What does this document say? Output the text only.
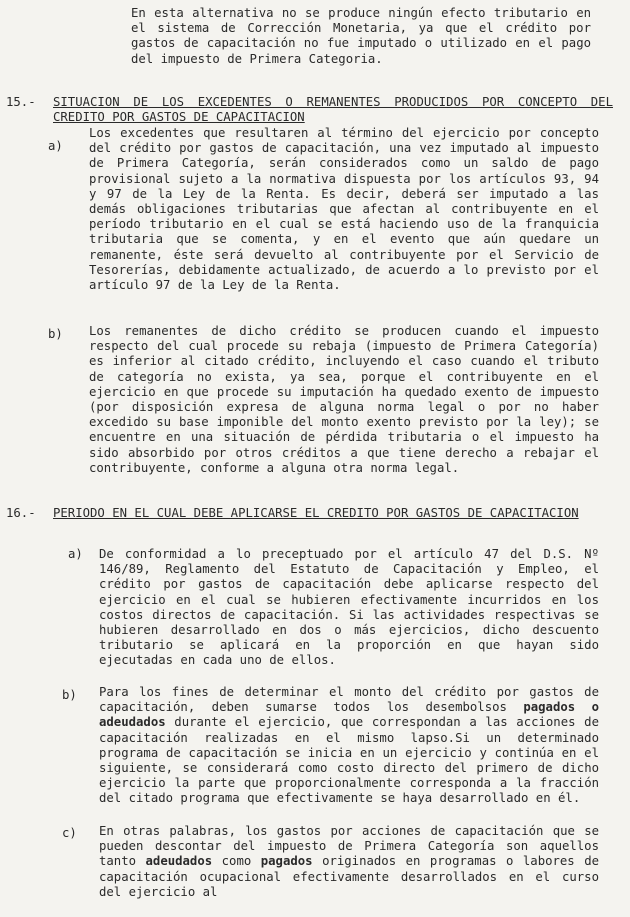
En esta alternativa no se produce ningún efecto tributario en el sistema de Corrección Monetaria, ya que el crédito por gastos de capacitación no fue imputado o utilizado en el pago del impuesto de Primera Categoria.
15.- SITUACION DE LOS EXCEDENTES O REMANENTES PRODUCIDOS POR CONCEPTO DEL CREDITO POR GASTOS DE CAPACITACION
a)
Los excedentes que resultaren al término del ejercicio por concepto del crédito por gastos de capacitación, una vez imputado al impuesto de Primera Categoría, serán considerados como un saldo de pago provisional sujeto a la normativa dispuesta por los artículos 93, 94 y 97 de la Ley de la Renta. Es decir, deberá ser imputado a las demás obligaciones tributarias que afectan al contribuyente en el período tributario en el cual se está haciendo uso de la franquicia tributaria que se comenta, y en el evento que aún quedare un remanente, éste será devuelto al contribuyente por el Servicio de Tesorerías, debidamente actualizado, de acuerdo a lo previsto por el artículo 97 de la Ley de la Renta.
b) Los remanentes de dicho crédito se producen cuando el impuesto respecto del cual procede su rebaja (impuesto de Primera Categoría) es inferior al citado crédito, incluyendo el caso cuando el tributo de categoría no exista, ya sea, porque el contribuyente en el ejercicio en que procede su imputación ha quedado exento de impuesto (por disposición expresa de alguna norma legal o por no haber excedido su base imponible del monto exento previsto por la ley); se encuentre en una situación de pérdida tributaria o el impuesto ha sido absorbido por otros créditos a que tiene derecho a rebajar el contribuyente, conforme a alguna otra norma legal.
16.- PERIODO EN EL CUAL DEBE APLICARSE EL CREDITO POR GASTOS DE CAPACITACION
a) De conformidad a lo preceptuado por el artículo 47 del D.S. Nº 146/89, Reglamento del Estatuto de Capacitación y Empleo, el crédito por gastos de capacitación debe aplicarse respecto del ejercicio en el cual se hubieren efectivamente incurridos en los costos directos de capacitación. Si las actividades respectivas se hubieren desarrollado en dos o más ejercicios, dicho descuento tributario se aplicará en la proporción en que hayan sido ejecutadas en cada uno de ellos.
b) Para los fines de determinar el monto del crédito por gastos de capacitación, deben sumarse todos los desembolsos pagados o adeudados durante el ejercicio, que correspondan a las acciones de capacitación realizadas en el mismo lapso.Si un determinado programa de capacitación se inicia en un ejercicio y continúa en el siguiente, se considerará como costo directo del primero de dicho ejercicio la parte que proporcionalmente corresponda a la fracción del citado programa que efectivamente se haya desarrollado en él.
c) En otras palabras, los gastos por acciones de capacitación que se pueden descontar del impuesto de Primera Categoría son aquellos tanto adeudados como pagados originados en programas o labores de capacitación ocupacional efectivamente desarrollados en el curso del ejercicio al
